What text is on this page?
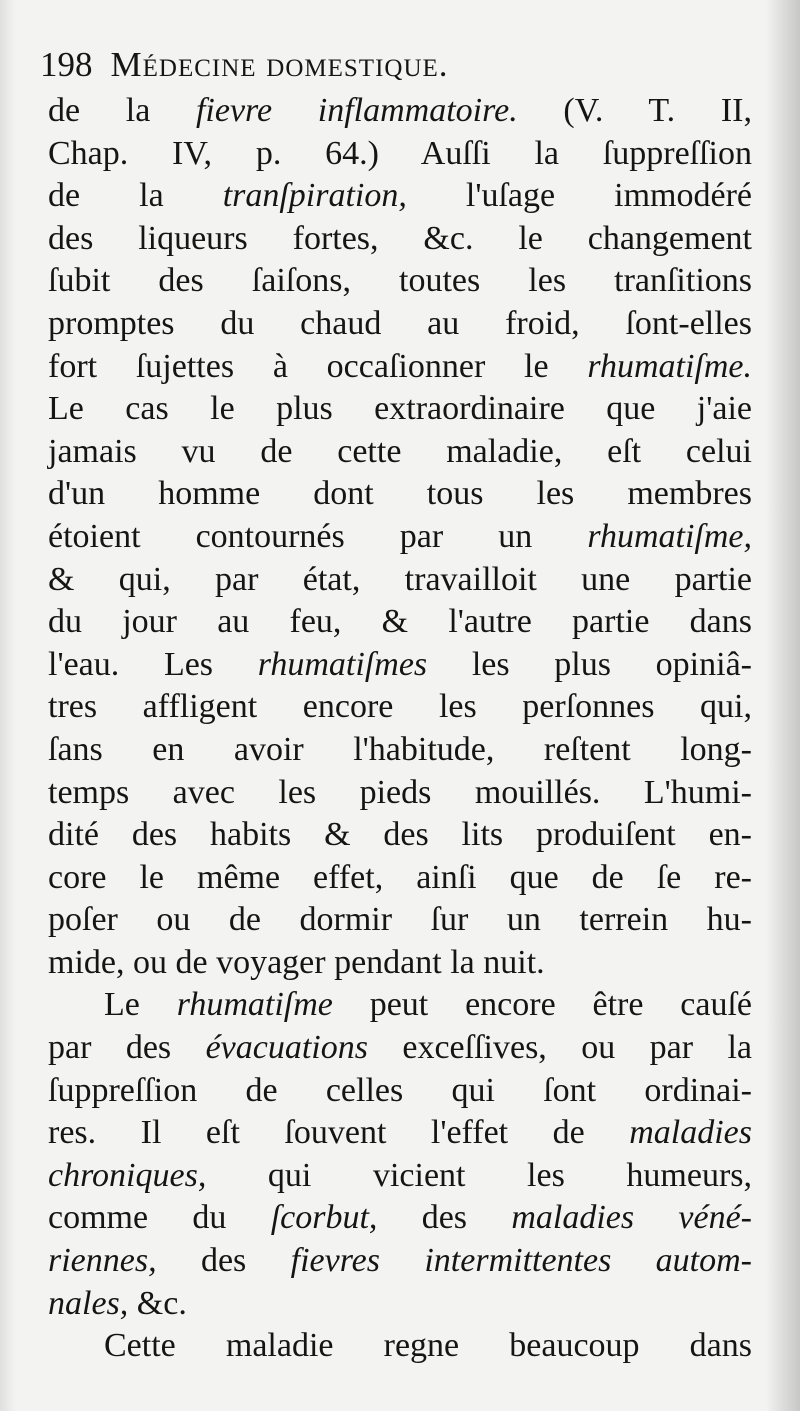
198 Médecine domestique.
de la fievre inflammatoire. (V. T. II,
Chap. IV, p. 64.) Auſſi la ſuppreſſion
de la tranſpiration, l'uſage immodéré
des liqueurs fortes, &c. le changement
ſubit des ſaiſons, toutes les tranſitions
promptes du chaud au froid, ſont-elles
fort ſujettes à occaſionner le rhumatiſme.
Le cas le plus extraordinaire que j'aie
jamais vu de cette maladie, eſt celui
d'un homme dont tous les membres
étoient contournés par un rhumatiſme,
& qui, par état, travailloit une partie
du jour au feu, & l'autre partie dans
l'eau. Les rhumatiſmes les plus opiniâ-
tres affligent encore les perſonnes qui,
ſans en avoir l'habitude, reſtent long-
temps avec les pieds mouillés. L'humi-
dité des habits & des lits produiſent en-
core le même effet, ainſi que de ſe re-
poſer ou de dormir ſur un terrein hu-
mide, ou de voyager pendant la nuit.
Le rhumatiſme peut encore être cauſé
par des évacuations exceſſives, ou par la
ſuppreſſion de celles qui ſont ordinai-
res. Il eſt ſouvent l'effet de maladies
chroniques, qui vicient les humeurs,
comme du ſcorbut, des maladies véné-
riennes, des fievres intermittentes autom-
nales, &c.
Cette maladie regne beaucoup dans
